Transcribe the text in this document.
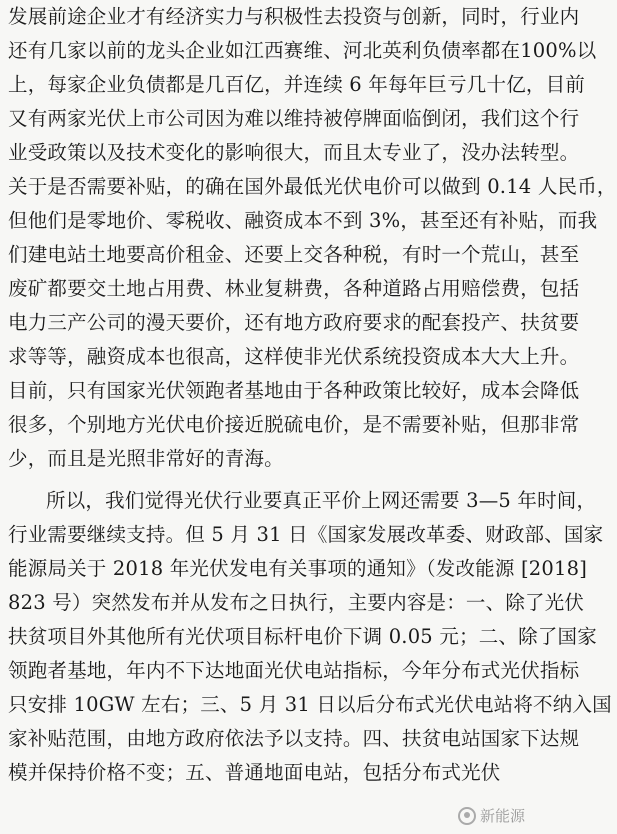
发展前途企业才有经济实力与积极性去投资与创新，同时，行业内
还有几家以前的龙头企业如江西赛维、河北英利负债率都在100%以
上，每家企业负债都是几百亿，并连续 6 年每年巨亏几十亿，目前
又有两家光伏上市公司因为难以维持被停牌面临倒闭，我们这个行
业受政策以及技术变化的影响很大，而且太专业了，没办法转型。
关于是否需要补贴，的确在国外最低光伏电价可以做到 0.14 人民币，
但他们是零地价、零税收、融资成本不到 3%，甚至还有补贴，而我
们建电站土地要高价租金、还要上交各种税，有时一个荒山，甚至
废矿都要交土地占用费、林业复耕费，各种道路占用赔偿费，包括
电力三产公司的漫天要价，还有地方政府要求的配套投产、扶贫要
求等等，融资成本也很高，这样使非光伏系统投资成本大大上升。
目前，只有国家光伏领跑者基地由于各种政策比较好，成本会降低
很多，个别地方光伏电价接近脱硫电价，是不需要补贴，但那非常
少，而且是光照非常好的青海。
所以，我们觉得光伏行业要真正平价上网还需要 3—5 年时间，
行业需要继续支持。但 5 月 31 日《国家发展改革委、财政部、国家
能源局关于 2018 年光伏发电有关事项的通知》（发改能源 [2018]
823 号）突然发布并从发布之日执行，主要内容是：一、除了光伏
扶贫项目外其他所有光伏项目标杆电价下调 0.05 元；二、除了国家
领跑者基地，年内不下达地面光伏电站指标，今年分布式光伏指标
只安排 10GW 左右；三、5 月 31 日以后分布式光伏电站将不纳入国
家补贴范围，由地方政府依法予以支持。四、扶贫电站国家下达规
模并保持价格不变；五、普通地面电站，包括分布式光伏
新能源
